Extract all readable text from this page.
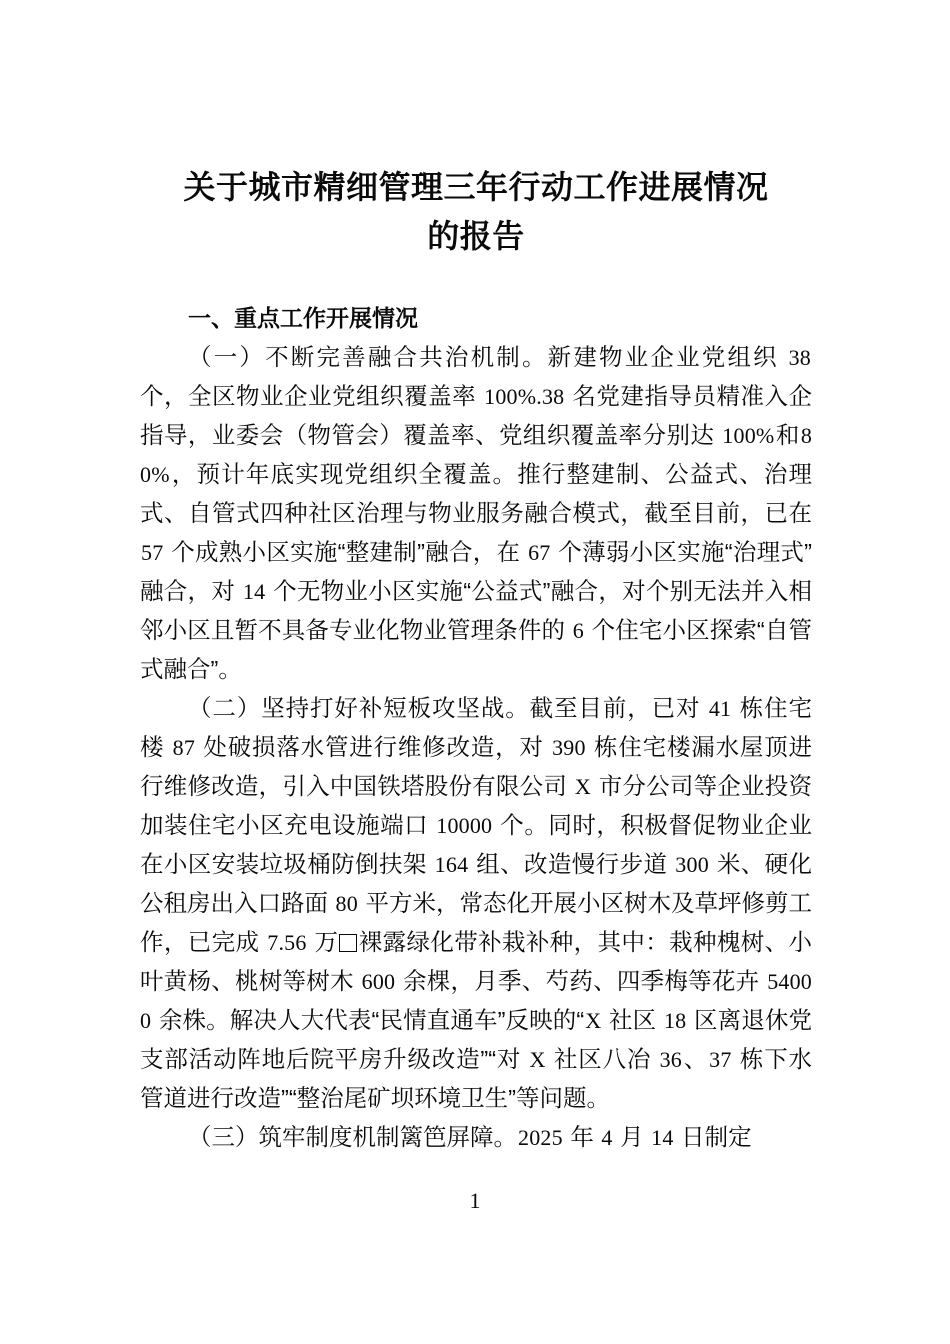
关于城市精细管理三年行动工作进展情况
的报告
一、重点工作开展情况

（一）不断完善融合共治机制。新建物业企业党组织 38 个，全区物业企业党组织覆盖率 100%.38 名党建指导员精准入企指导，业委会（物管会）覆盖率、党组织覆盖率分别达 100%和80%，预计年底实现党组织全覆盖。推行整建制、公益式、治理式、自管式四种社区治理与物业服务融合模式，截至目前，已在 57 个成熟小区实施“整建制”融合，在 67 个薄弱小区实施“治理式”融合，对 14 个无物业小区实施“公益式”融合，对个别无法并入相邻小区且暂不具备专业化物业管理条件的 6 个住宅小区探索“自管式融合”。

（二）坚持打好补短板攻坚战。截至目前，已对 41 栋住宅楼 87 处破损落水管进行维修改造，对 390 栋住宅楼漏水屋顶进行维修改造，引入中国铁塔股份有限公司 X 市分公司等企业投资加装住宅小区充电设施端口 10000 个。同时，积极督促物业企业在小区安装垃圾桶防倒扶架 164 组、改造慢行步道 300 米、硬化公租房出入口路面 80 平方米，常态化开展小区树木及草坪修剪工作，已完成 7.56 万 裸露绿化带补栽补种，其中：栽种槐树、小叶黄杨、桃树等树木 600 余棵，月季、芍药、四季梅等花卉 54000 余株。解决人大代表“民情直通车”反映的“X 社区 18 区离退休党支部活动阵地后院平房升级改造”“对 X 社区八冶 36、37 栋下水管道进行改造”“整治尾矿坝环境卫生”等问题。

（三）筑牢制度机制篱笆屏障。2025 年 4 月 14 日制定

1
